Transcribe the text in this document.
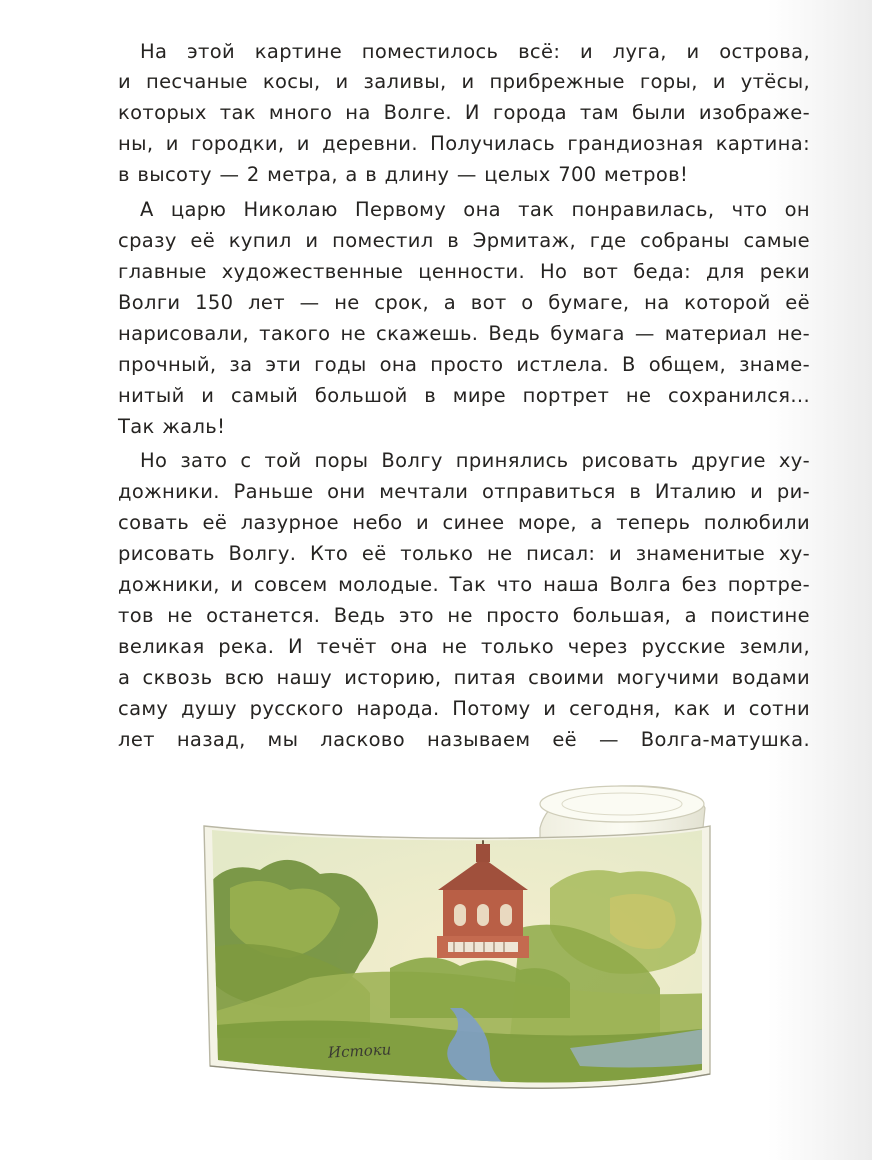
На этой картине поместилось всё: и луга, и острова,
и песчаные косы, и заливы, и прибрежные горы, и утёсы,
которых так много на Волге. И города там были изображе-
ны, и городки, и деревни. Получилась грандиозная картина:
в высоту — 2 метра, а в длину — целых 700 метров!
А царю Николаю Первому она так понравилась, что он
сразу её купил и поместил в Эрмитаж, где собраны самые
главные художественные ценности. Но вот беда: для реки
Волги 150 лет — не срок, а вот о бумаге, на которой её
нарисовали, такого не скажешь. Ведь бумага — материал не-
прочный, за эти годы она просто истлела. В общем, знаме-
нитый и самый большой в мире портрет не сохранился...
Так жаль!
Но зато с той поры Волгу принялись рисовать другие ху-
дожники. Раньше они мечтали отправиться в Италию и ри-
совать её лазурное небо и синее море, а теперь полюбили
рисовать Волгу. Кто её только не писал: и знаменитые ху-
дожники, и совсем молодые. Так что наша Волга без портре-
тов не останется. Ведь это не просто большая, а поистине
великая река. И течёт она не только через русские земли,
а сквозь всю нашу историю, питая своими могучими водами
саму душу русского народа. Потому и сегодня, как и сотни
лет назад, мы ласково называем её — Волга-матушка.
Истоки
